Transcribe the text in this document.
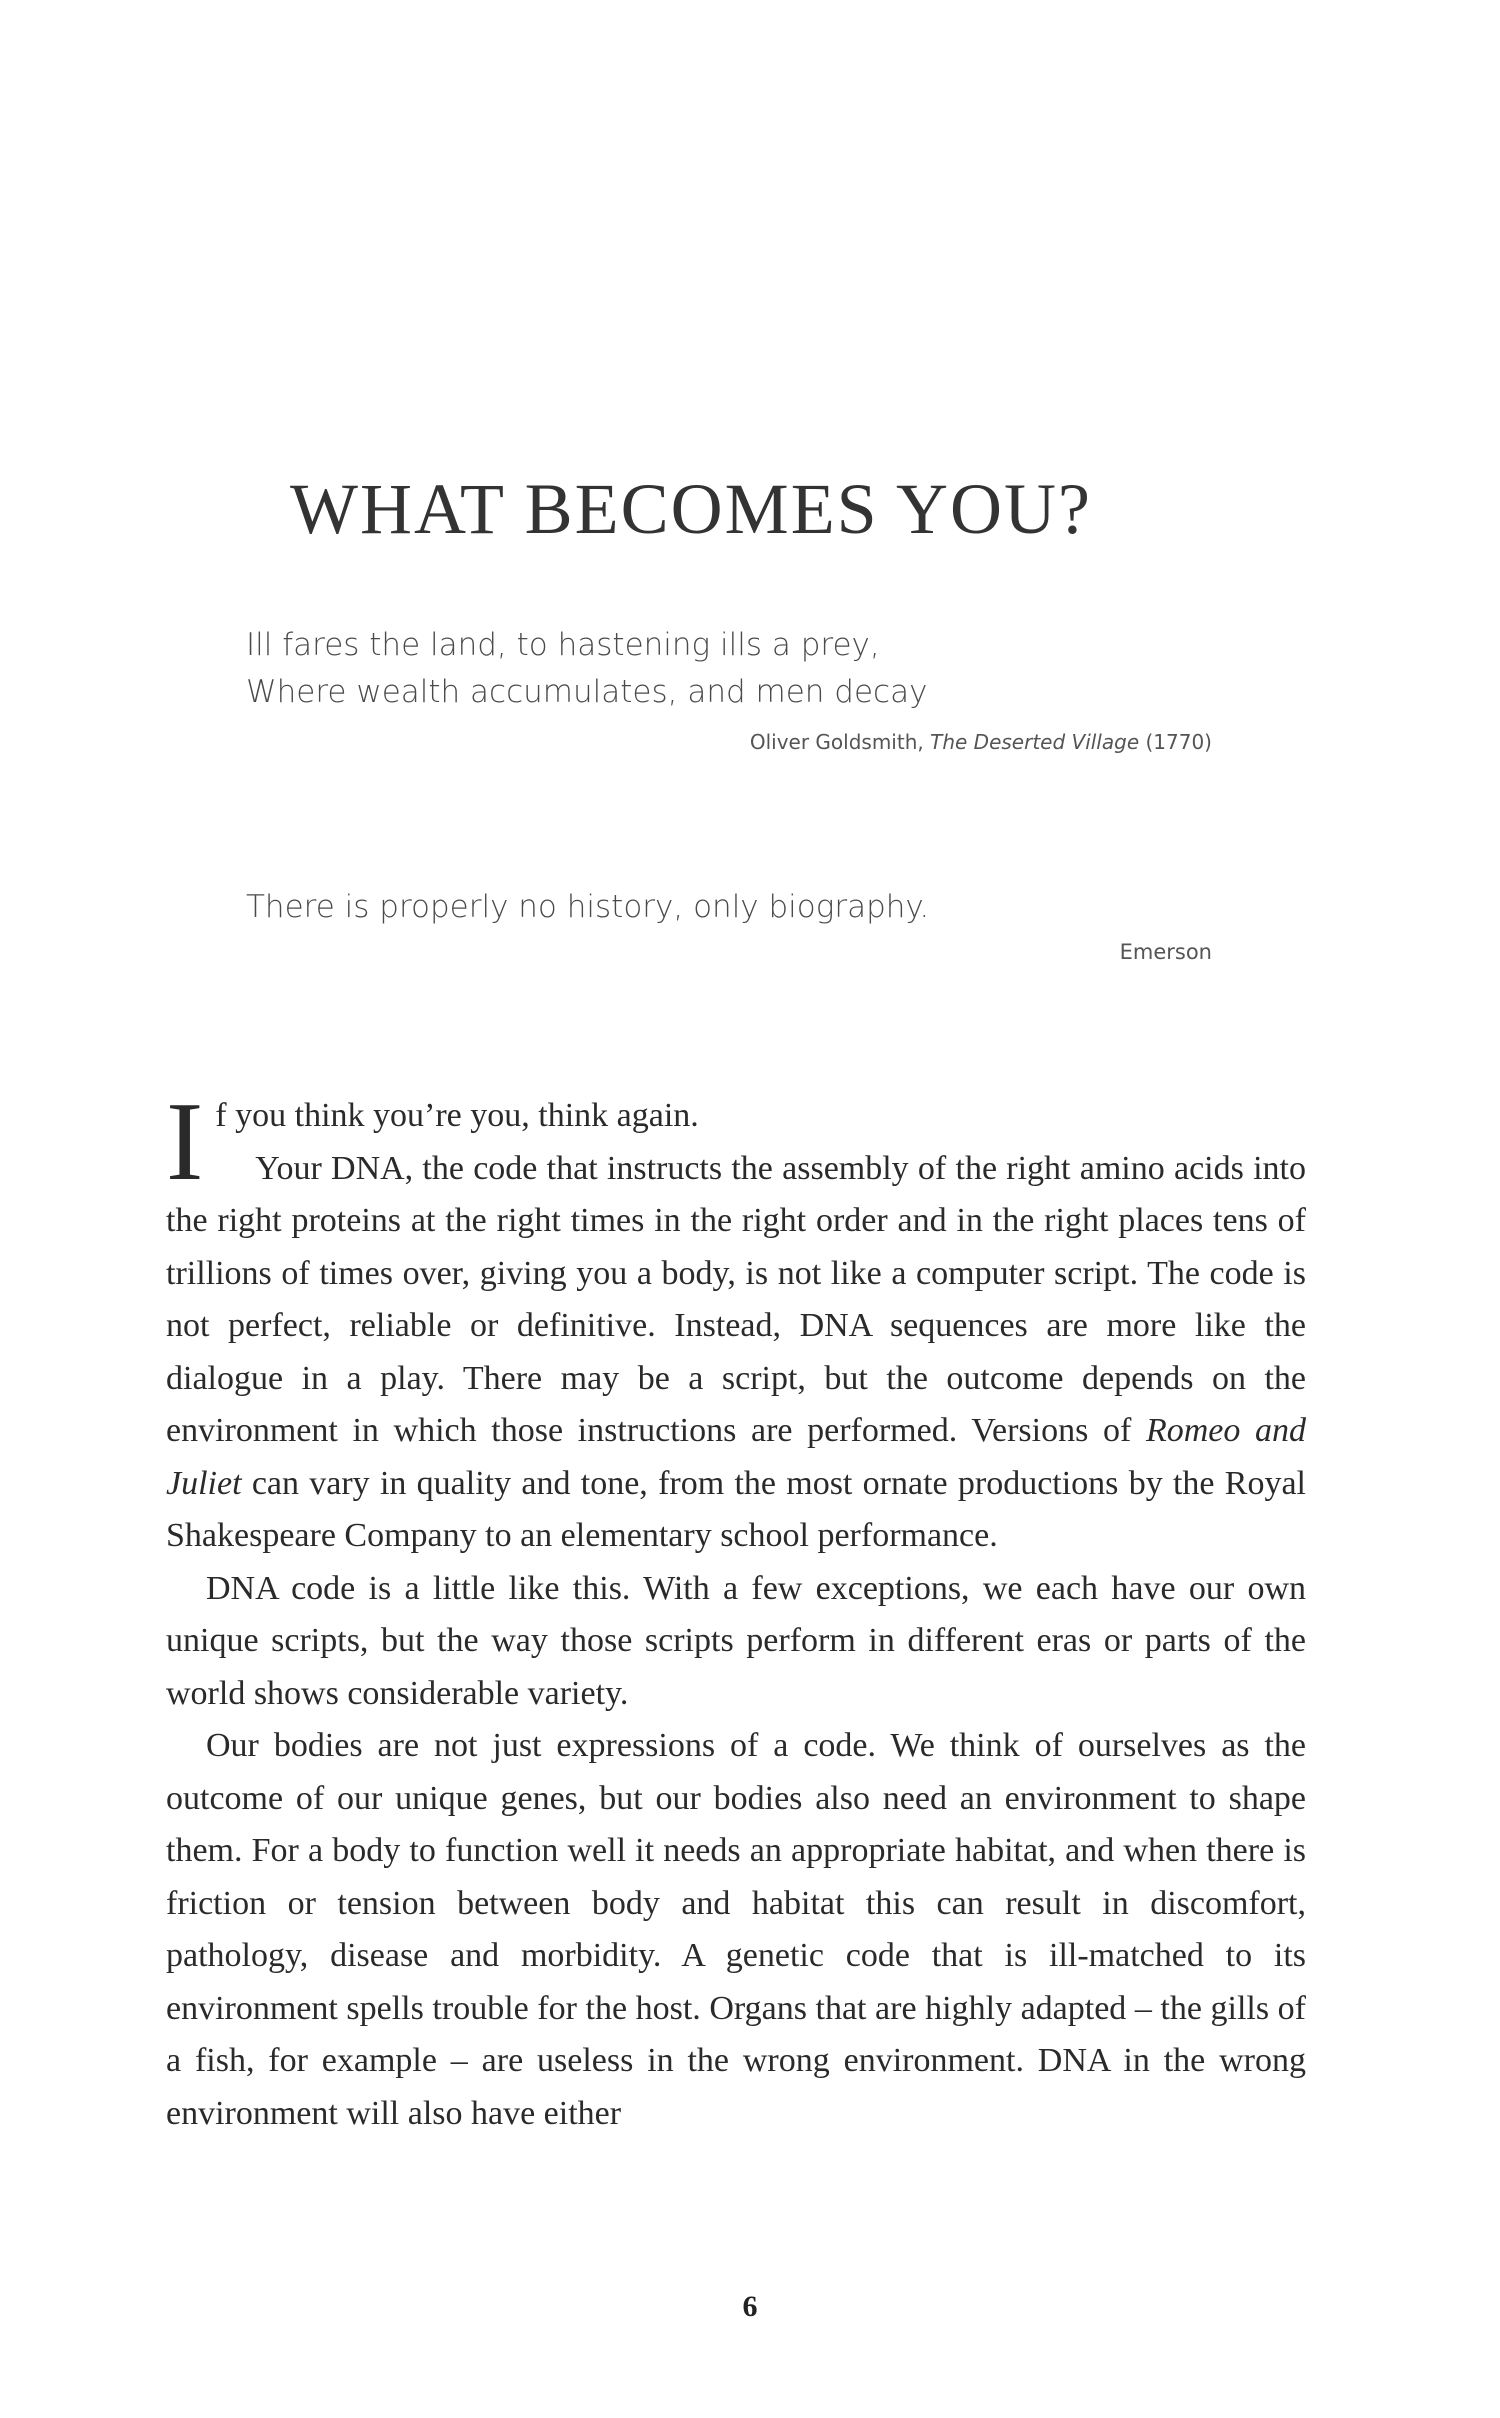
WHAT BECOMES YOU?
Ill fares the land, to hastening ills a prey,
Where wealth accumulates, and men decay
Oliver Goldsmith, The Deserted Village (1770)
There is properly no history, only biography.
Emerson

If you think you’re you, think again.

Your DNA, the code that instructs the assembly of the right amino acids into the right proteins at the right times in the right order and in the right places tens of trillions of times over, giving you a body, is not like a computer script. The code is not perfect, reliable or definitive. Instead, DNA sequences are more like the dialogue in a play. There may be a script, but the outcome depends on the environment in which those instructions are performed. Versions of Romeo and Juliet can vary in quality and tone, from the most ornate productions by the Royal Shakespeare Company to an elementary school performance.

DNA code is a little like this. With a few exceptions, we each have our own unique scripts, but the way those scripts perform in different eras or parts of the world shows considerable variety.

Our bodies are not just expressions of a code. We think of ourselves as the outcome of our unique genes, but our bodies also need an environment to shape them. For a body to function well it needs an appropriate habitat, and when there is friction or tension between body and habitat this can result in discomfort, pathology, disease and morbidity. A genetic code that is ill-matched to its environment spells trouble for the host. Organs that are highly adapted – the gills of a fish, for example – are useless in the wrong environment. DNA in the wrong environment will also have either

6
